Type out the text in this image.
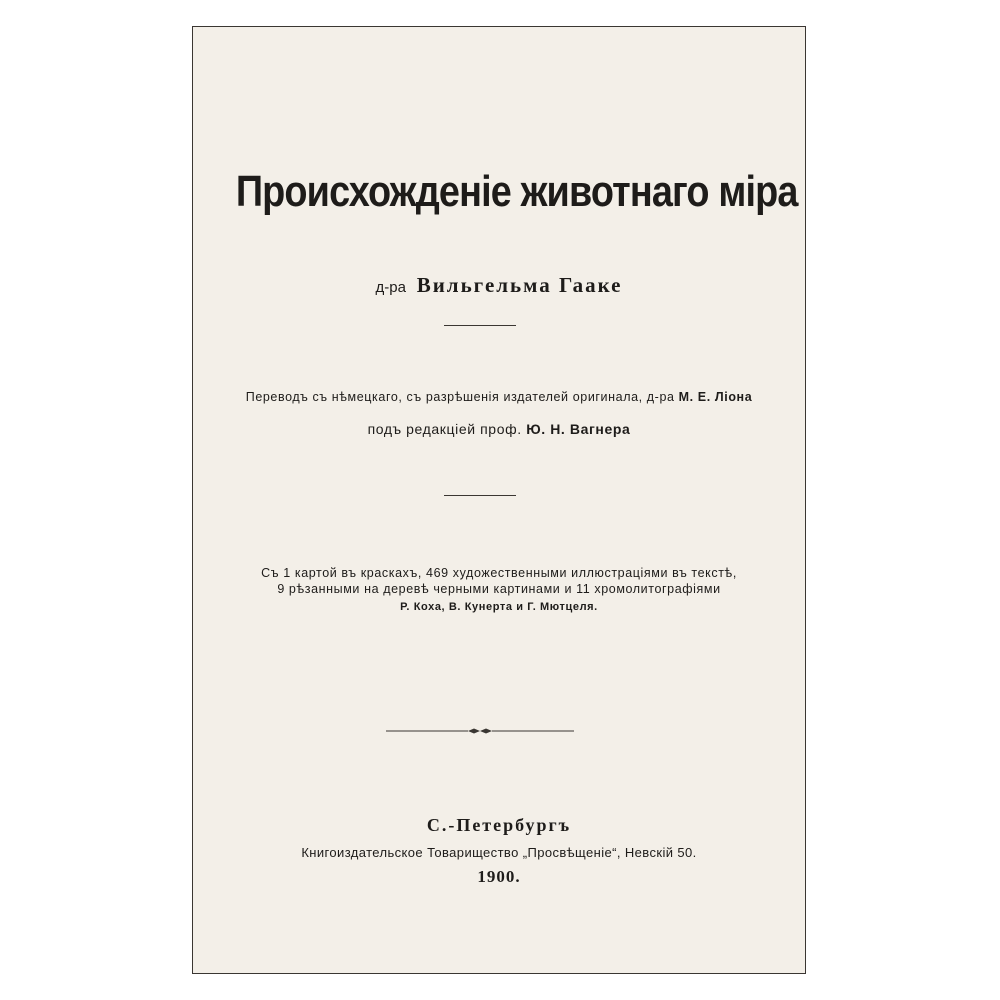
Происхожденіе животнаго міра
д-ра Вильгельма Гааке
Переводъ съ нѣмецкаго, съ разрѣшенія издателей оригинала, д-ра М. Е. Ліона
подъ редакціей проф. Ю. Н. Вагнера
Съ 1 картой въ краскахъ, 469 художественными иллюстраціями въ текстѣ,
9 рѣзанными на деревѣ черными картинами и 11 хромолитографіями
Р. Коха, В. Кунерта и Г. Мютцеля.
С.-Петербургъ
Книгоиздательское Товарищество „Просвѣщеніе“, Невскій 50.
1900.
